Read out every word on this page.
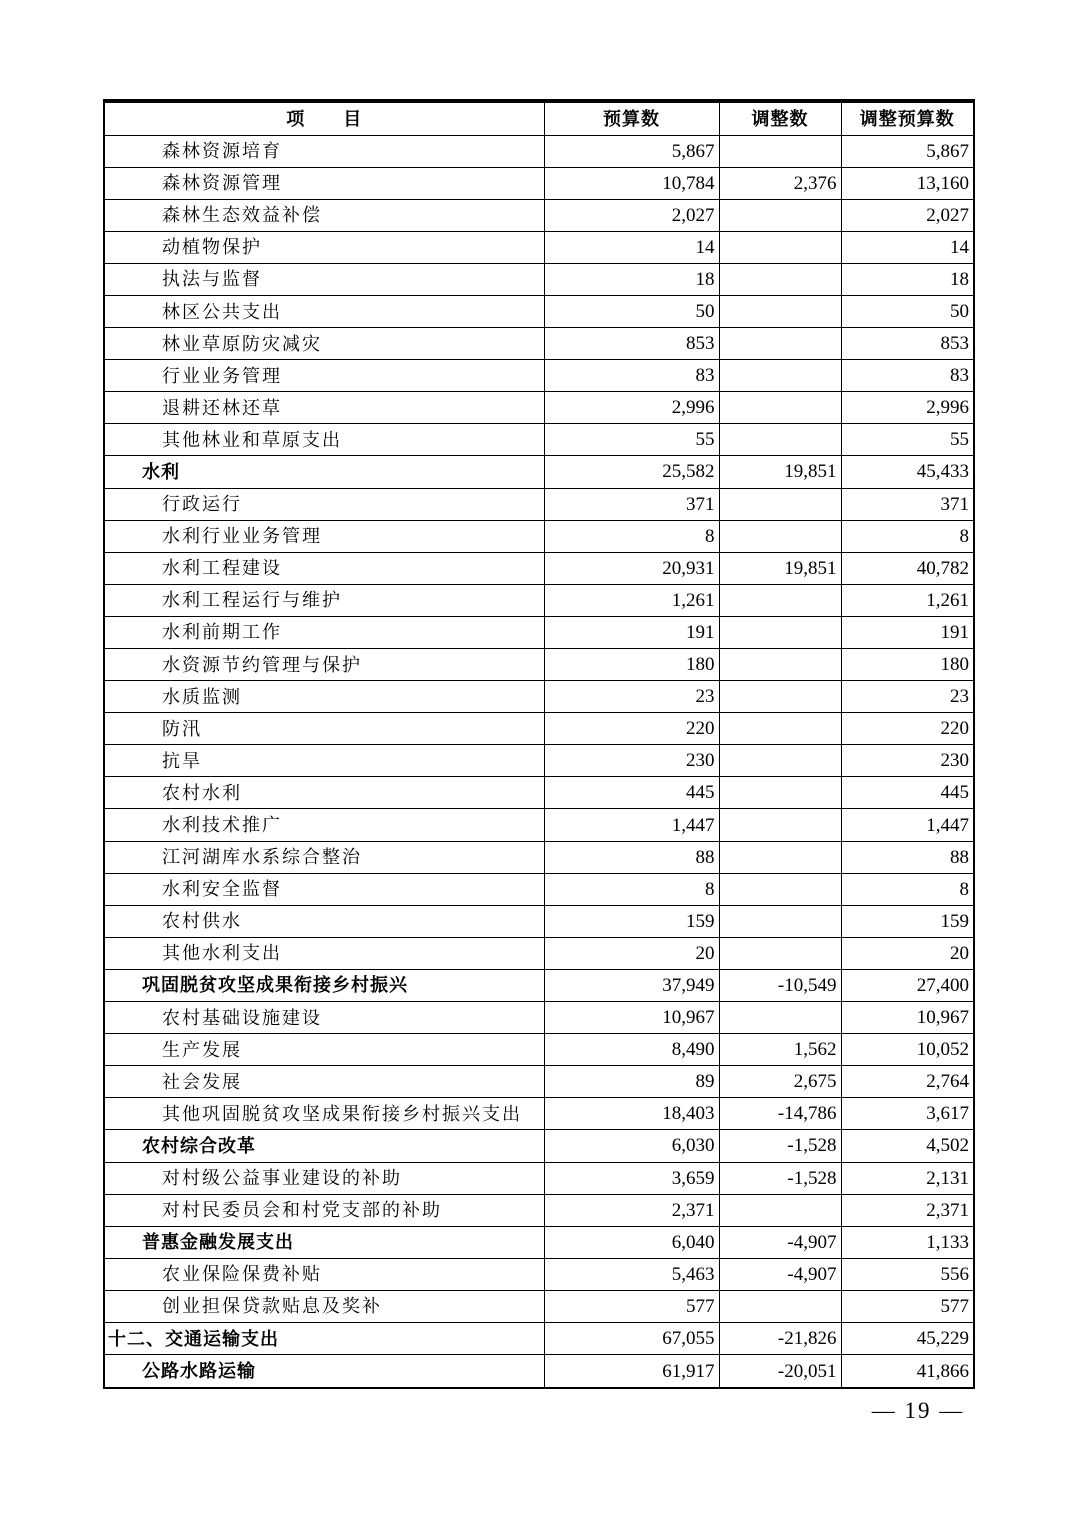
项　　目	预算数	调整数	调整预算数
森林资源培育	5,867		5,867
森林资源管理	10,784	2,376	13,160
森林生态效益补偿	2,027		2,027
动植物保护	14		14
执法与监督	18		18
林区公共支出	50		50
林业草原防灾减灾	853		853
行业业务管理	83		83
退耕还林还草	2,996		2,996
其他林业和草原支出	55		55
水利	25,582	19,851	45,433
行政运行	371		371
水利行业业务管理	8		8
水利工程建设	20,931	19,851	40,782
水利工程运行与维护	1,261		1,261
水利前期工作	191		191
水资源节约管理与保护	180		180
水质监测	23		23
防汛	220		220
抗旱	230		230
农村水利	445		445
水利技术推广	1,447		1,447
江河湖库水系综合整治	88		88
水利安全监督	8		8
农村供水	159		159
其他水利支出	20		20
巩固脱贫攻坚成果衔接乡村振兴	37,949	-10,549	27,400
农村基础设施建设	10,967		10,967
生产发展	8,490	1,562	10,052
社会发展	89	2,675	2,764
其他巩固脱贫攻坚成果衔接乡村振兴支出	18,403	-14,786	3,617
农村综合改革	6,030	-1,528	4,502
对村级公益事业建设的补助	3,659	-1,528	2,131
对村民委员会和村党支部的补助	2,371		2,371
普惠金融发展支出	6,040	-4,907	1,133
农业保险保费补贴	5,463	-4,907	556
创业担保贷款贴息及奖补	577		577
十二、交通运输支出	67,055	-21,826	45,229
公路水路运输	61,917	-20,051	41,866
— 19 —
